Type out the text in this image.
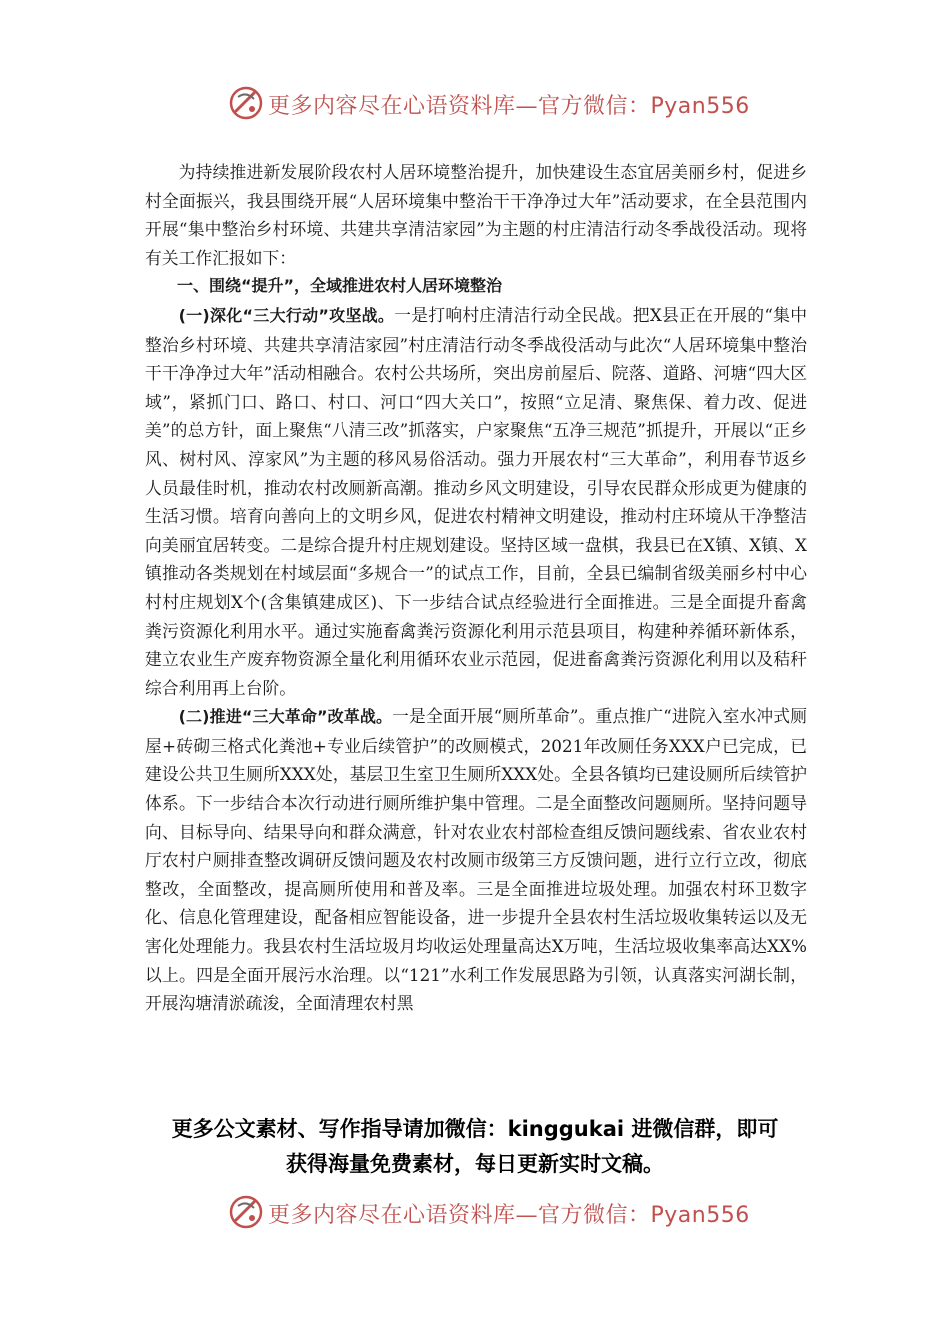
更多内容尽在心语资料库—官方微信：Pyan556

为持续推进新发展阶段农村人居环境整治提升，加快建设生态宜居美丽乡村，促进乡村全面振兴，我县围绕开展“人居环境集中整治干干净净过大年”活动要求，在全县范围内开展“集中整治乡村环境、共建共享清洁家园”为主题的村庄清洁行动冬季战役活动。现将有关工作汇报如下：

一、围绕“提升”，全域推进农村人居环境整治

(一)深化“三大行动”攻坚战。一是打响村庄清洁行动全民战。把X县正在开展的“集中整治乡村环境、共建共享清洁家园”村庄清洁行动冬季战役活动与此次“人居环境集中整治干干净净过大年”活动相融合。农村公共场所，突出房前屋后、院落、道路、河塘“四大区域”，紧抓门口、路口、村口、河口“四大关口”，按照“立足清、聚焦保、着力改、促进美”的总方针，面上聚焦“八清三改”抓落实，户家聚焦“五净三规范”抓提升，开展以“正乡风、树村风、淳家风”为主题的移风易俗活动。强力开展农村“三大革命”，利用春节返乡人员最佳时机，推动农村改厕新高潮。推动乡风文明建设，引导农民群众形成更为健康的生活习惯。培育向善向上的文明乡风，促进农村精神文明建设，推动村庄环境从干净整洁向美丽宜居转变。二是综合提升村庄规划建设。坚持区域一盘棋，我县已在X镇、X镇、X镇推动各类规划在村域层面“多规合一”的试点工作，目前，全县已编制省级美丽乡村中心村村庄规划X个(含集镇建成区)、下一步结合试点经验进行全面推进。三是全面提升畜禽粪污资源化利用水平。通过实施畜禽粪污资源化利用示范县项目，构建种养循环新体系，建立农业生产废弃物资源全量化利用循环农业示范园，促进畜禽粪污资源化利用以及秸秆综合利用再上台阶。

(二)推进“三大革命”改革战。一是全面开展“厕所革命”。重点推广“进院入室水冲式厕屋+砖砌三格式化粪池+专业后续管护”的改厕模式，2021年改厕任务XXX户已完成，已建设公共卫生厕所XXX处，基层卫生室卫生厕所XXX处。全县各镇均已建设厕所后续管护体系。下一步结合本次行动进行厕所维护集中管理。二是全面整改问题厕所。坚持问题导向、目标导向、结果导向和群众满意，针对农业农村部检查组反馈问题线索、省农业农村厅农村户厕排查整改调研反馈问题及农村改厕市级第三方反馈问题，进行立行立改，彻底整改，全面整改，提高厕所使用和普及率。三是全面推进垃圾处理。加强农村环卫数字化、信息化管理建设，配备相应智能设备，进一步提升全县农村生活垃圾收集转运以及无害化处理能力。我县农村生活垃圾月均收运处理量高达X万吨，生活垃圾收集率高达XX%以上。四是全面开展污水治理。以“121”水利工作发展思路为引领，认真落实河湖长制，开展沟塘清淤疏浚，全面清理农村黑

更多公文素材、写作指导请加微信：kinggukai 进微信群，即可
获得海量免费素材，每日更新实时文稿。
更多内容尽在心语资料库—官方微信：Pyan556
